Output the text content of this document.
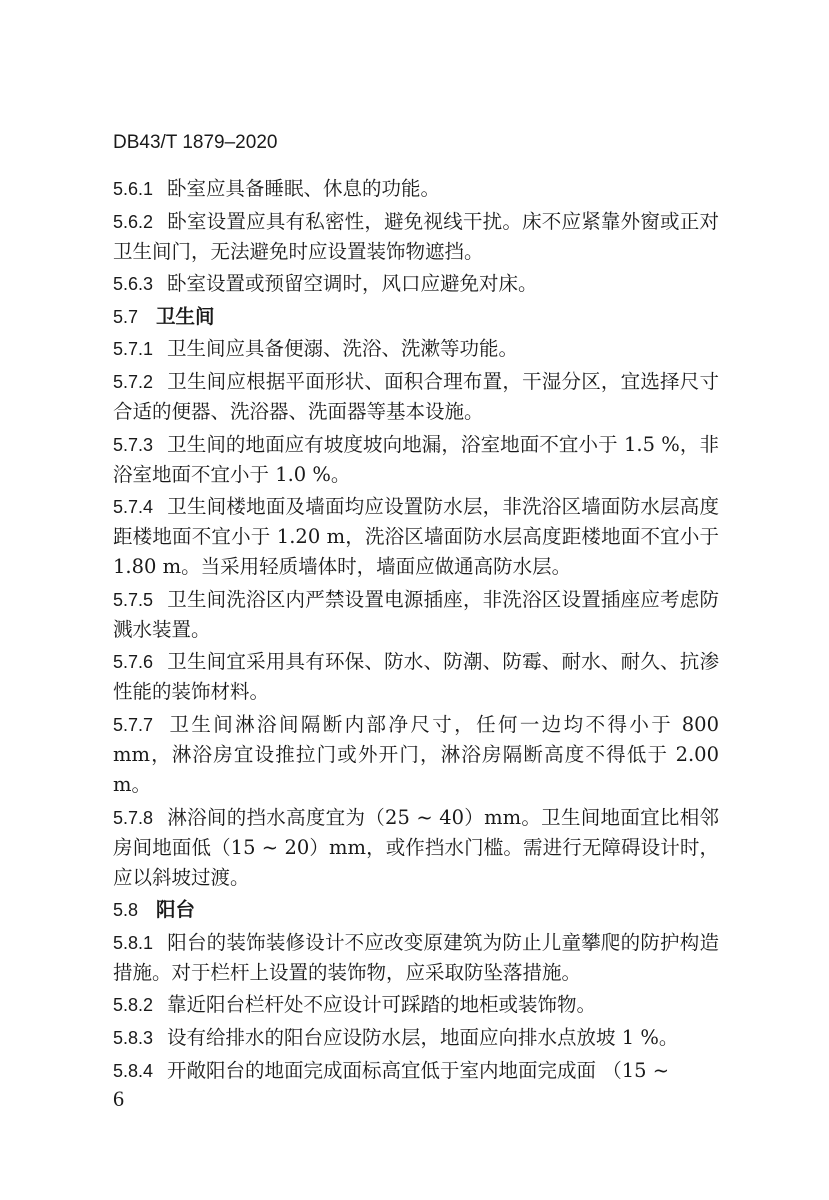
DB43/T 1879–2020
5.6.1 卧室应具备睡眠、休息的功能。
5.6.2 卧室设置应具有私密性，避免视线干扰。床不应紧靠外窗或正对卫生间门，无法避免时应设置装饰物遮挡。
5.6.3 卧室设置或预留空调时，风口应避免对床。
5.7 卫生间
5.7.1 卫生间应具备便溺、洗浴、洗漱等功能。
5.7.2 卫生间应根据平面形状、面积合理布置，干湿分区，宜选择尺寸合适的便器、洗浴器、洗面器等基本设施。
5.7.3 卫生间的地面应有坡度坡向地漏，浴室地面不宜小于 1.5 %，非浴室地面不宜小于 1.0 %。
5.7.4 卫生间楼地面及墙面均应设置防水层，非洗浴区墙面防水层高度距楼地面不宜小于 1.20 m，洗浴区墙面防水层高度距楼地面不宜小于 1.80 m。当采用轻质墙体时，墙面应做通高防水层。
5.7.5 卫生间洗浴区内严禁设置电源插座，非洗浴区设置插座应考虑防溅水装置。
5.7.6 卫生间宜采用具有环保、防水、防潮、防霉、耐水、耐久、抗渗性能的装饰材料。
5.7.7 卫生间淋浴间隔断内部净尺寸，任何一边均不得小于 800 mm，淋浴房宜设推拉门或外开门，淋浴房隔断高度不得低于 2.00 m。
5.7.8 淋浴间的挡水高度宜为（25 ~ 40）mm。卫生间地面宜比相邻房间地面低（15 ~ 20）mm，或作挡水门槛。需进行无障碍设计时，应以斜坡过渡。
5.8 阳台
5.8.1 阳台的装饰装修设计不应改变原建筑为防止儿童攀爬的防护构造措施。对于栏杆上设置的装饰物，应采取防坠落措施。
5.8.2 靠近阳台栏杆处不应设计可踩踏的地柜或装饰物。
5.8.3 设有给排水的阳台应设防水层，地面应向排水点放坡 1 %。
5.8.4 开敞阳台的地面完成面标高宜低于室内地面完成面 （15 ~
6
